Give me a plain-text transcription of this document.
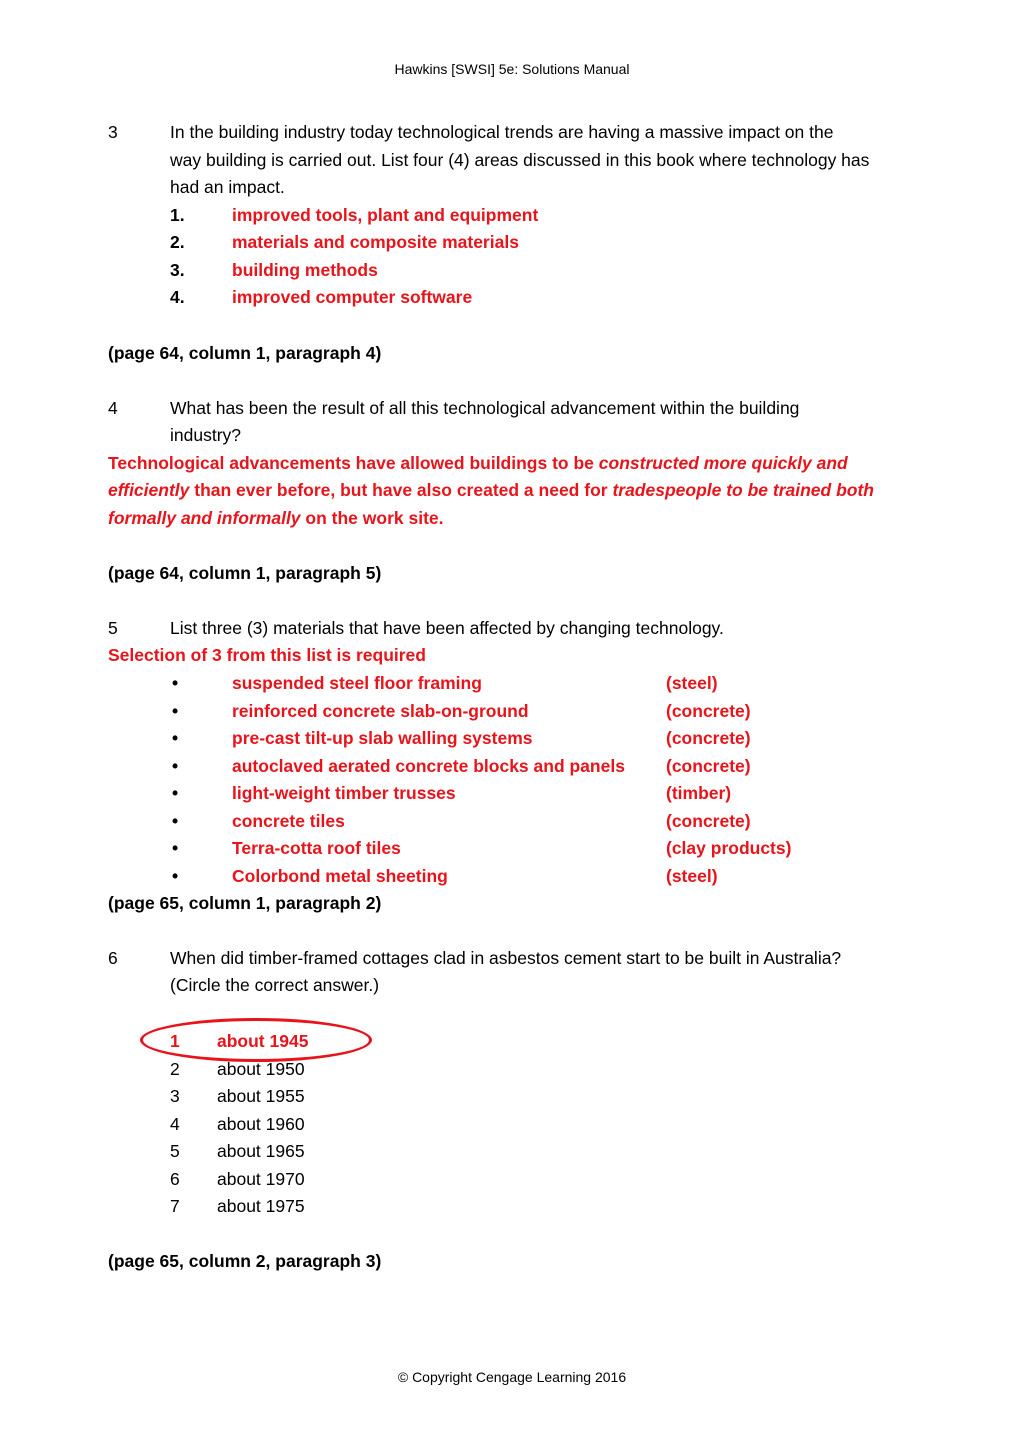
Hawkins [SWSI] 5e: Solutions Manual
3	In the building industry today technological trends are having a massive impact on the
way building is carried out. List four (4) areas discussed in this book where technology has
had an impact.
1.	improved tools, plant and equipment
2.	materials and composite materials
3.	building methods
4.	improved computer software
(page 64, column 1, paragraph 4)
4	What has been the result of all this technological advancement within the building
industry?
Technological advancements have allowed buildings to be constructed more quickly and
efficiently than ever before, but have also created a need for tradespeople to be trained both
formally and informally on the work site.
(page 64, column 1, paragraph 5)
5	List three (3) materials that have been affected by changing technology.
Selection of 3 from this list is required
•	suspended steel floor framing	(steel)
•	reinforced concrete slab-on-ground	(concrete)
•	pre-cast tilt-up slab walling systems	(concrete)
•	autoclaved aerated concrete blocks and panels (concrete)
•	light-weight timber trusses	(timber)
•	concrete tiles	(concrete)
•	Terra-cotta roof tiles	(clay products)
•	Colorbond metal sheeting	(steel)
(page 65, column 1, paragraph 2)
6	When did timber-framed cottages clad in asbestos cement start to be built in Australia?
(Circle the correct answer.)
1 about 1945
2 about 1950
3 about 1955
4 about 1960
5 about 1965
6 about 1970
7 about 1975
(page 65, column 2, paragraph 3)
© Copyright Cengage Learning 2016
